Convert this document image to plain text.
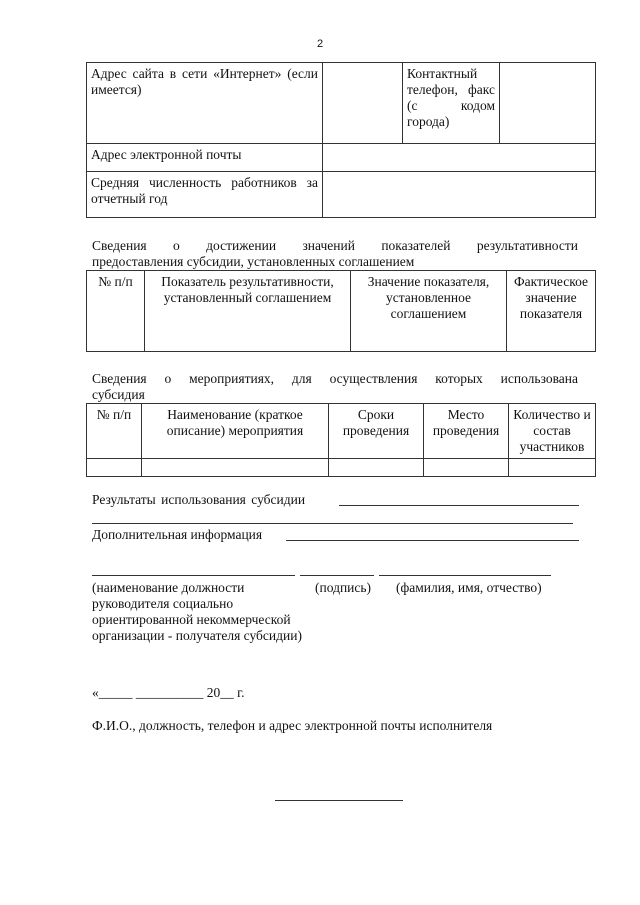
2
Адрес сайта в сети «Интернет» (если имеется)		Контактный телефон, факс (с кодом города)	
Адрес электронной почты			
Средняя численность работников за отчетный год			
Сведения о достижении значений показателей результативности
предоставления субсидии, установленных соглашением
№ п/п	Показатель результативности, установленный соглашением	Значение показателя, установленное соглашением	Фактическое значение показателя
Сведения о мероприятиях, для осуществления которых использована
субсидия
№ п/п	Наименование (краткое описание) мероприятия	Сроки проведения	Место проведения	Количество и состав участников

Результаты использования субсидии
Дополнительная информация
(наименование должности руководителя социально ориентированной некоммерческой организации - получателя субсидии)
(подпись) (фамилия, имя, отчество)
«_____ __________ 20__ г.
Ф.И.О., должность, телефон и адрес электронной почты исполнителя
